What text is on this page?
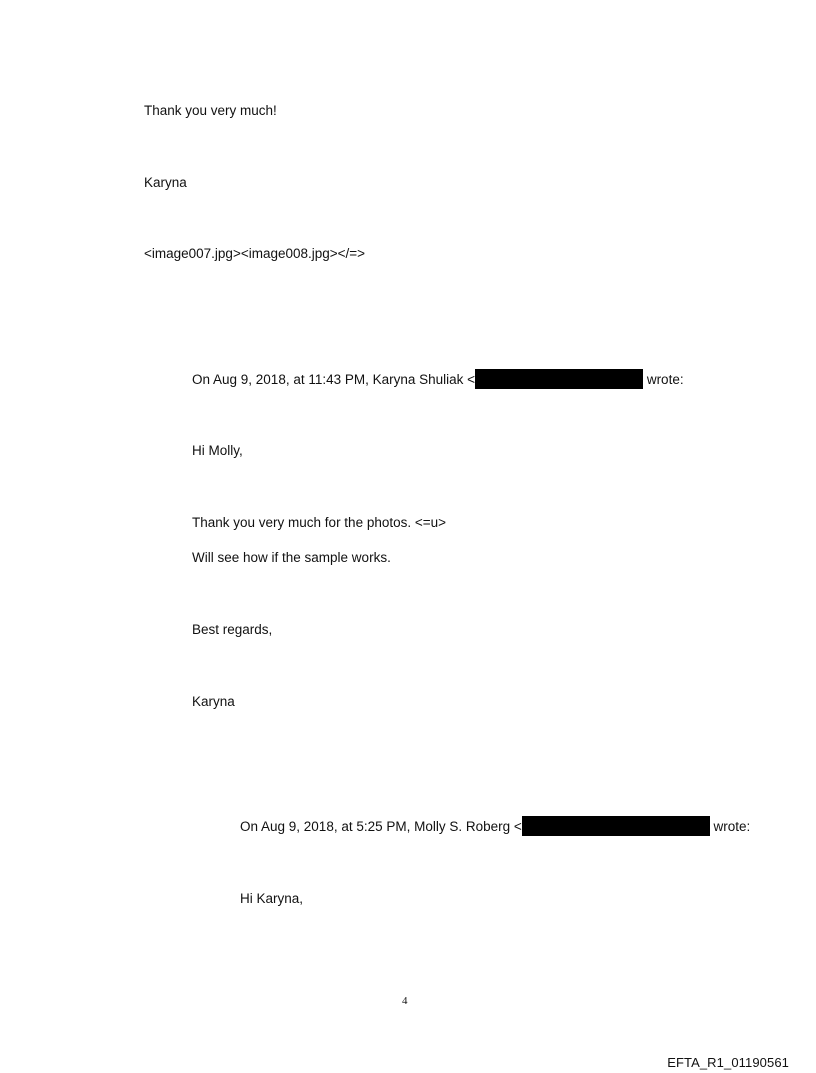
Thank you very much!
Karyna
<image007.jpg><image008.jpg></=>
On Aug 9, 2018, at 11:43 PM, Karyna Shuliak <	wrote:
Hi Molly,
Thank you very much for the photos. <=u>
Will see how if the sample works.
Best regards,
Karyna
On Aug 9, 2018, at 5:25 PM, Molly S. Roberg <	wrote:
Hi Karyna,
4
EFTA_R1_01190561
